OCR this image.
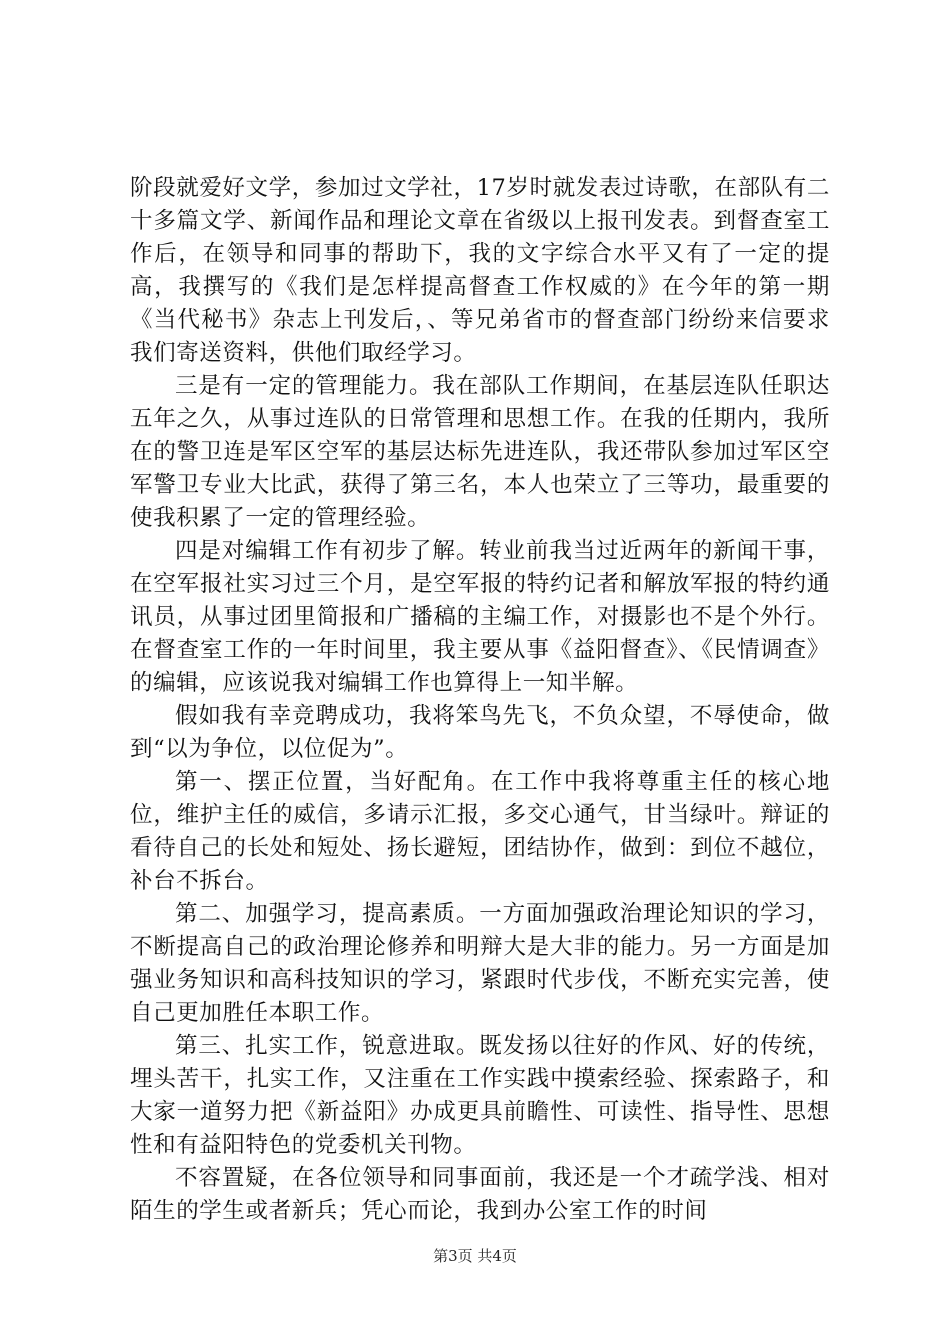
阶段就爱好文学，参加过文学社，17岁时就发表过诗歌，在部队有二十多篇文学、新闻作品和理论文章在省级以上报刊发表。到督查室工作后，在领导和同事的帮助下，我的文字综合水平又有了一定的提高，我撰写的《我们是怎样提高督查工作权威的》在今年的第一期《当代秘书》杂志上刊发后，、等兄弟省市的督查部门纷纷来信要求我们寄送资料，供他们取经学习。

三是有一定的管理能力。我在部队工作期间，在基层连队任职达五年之久，从事过连队的日常管理和思想工作。在我的任期内，我所在的警卫连是军区空军的基层达标先进连队，我还带队参加过军区空军警卫专业大比武，获得了第三名，本人也荣立了三等功，最重要的使我积累了一定的管理经验。

四是对编辑工作有初步了解。转业前我当过近两年的新闻干事，在空军报社实习过三个月，是空军报的特约记者和解放军报的特约通讯员，从事过团里简报和广播稿的主编工作，对摄影也不是个外行。在督查室工作的一年时间里，我主要从事《益阳督查》、《民情调查》的编辑，应该说我对编辑工作也算得上一知半解。

假如我有幸竞聘成功，我将笨鸟先飞，不负众望，不辱使命，做到“以为争位，以位促为”。

第一、摆正位置，当好配角。在工作中我将尊重主任的核心地位，维护主任的威信，多请示汇报，多交心通气，甘当绿叶。辩证的看待自己的长处和短处、扬长避短，团结协作，做到：到位不越位，补台不拆台。

第二、加强学习，提高素质。一方面加强政治理论知识的学习，不断提高自己的政治理论修养和明辩大是大非的能力。另一方面是加强业务知识和高科技知识的学习，紧跟时代步伐，不断充实完善，使自己更加胜任本职工作。

第三、扎实工作，锐意进取。既发扬以往好的作风、好的传统，埋头苦干，扎实工作，又注重在工作实践中摸索经验、探索路子，和大家一道努力把《新益阳》办成更具前瞻性、可读性、指导性、思想性和有益阳特色的党委机关刊物。

不容置疑，在各位领导和同事面前，我还是一个才疏学浅、相对陌生的学生或者新兵；凭心而论，我到办公室工作的时间

第3页 共4页
